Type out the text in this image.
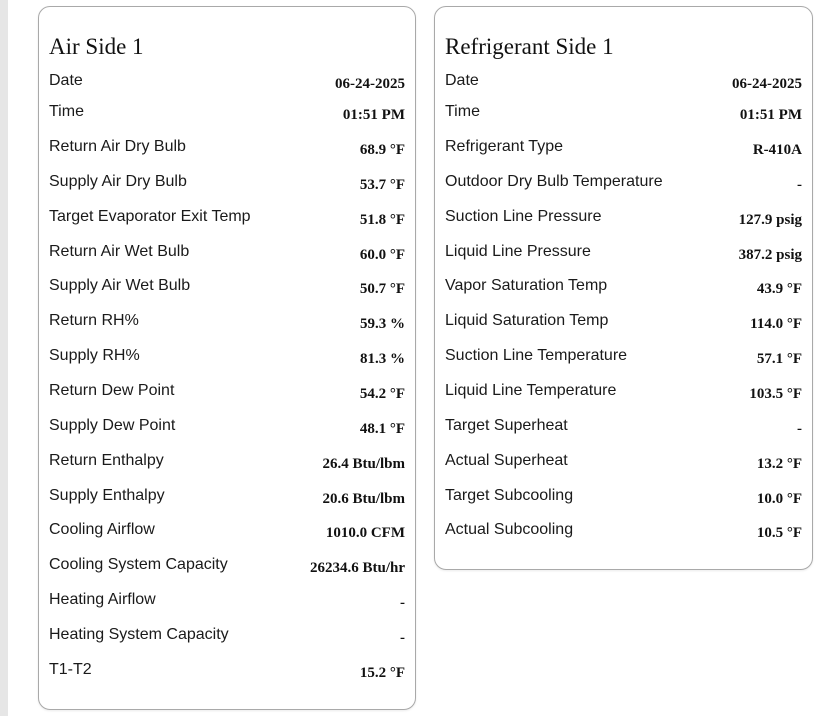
Air Side 1
Date	06-24-2025
Time	01:51 PM
Return Air Dry Bulb	68.9 °F
Supply Air Dry Bulb	53.7 °F
Target Evaporator Exit Temp	51.8 °F
Return Air Wet Bulb	60.0 °F
Supply Air Wet Bulb	50.7 °F
Return RH%	59.3 %
Supply RH%	81.3 %
Return Dew Point	54.2 °F
Supply Dew Point	48.1 °F
Return Enthalpy	26.4 Btu/lbm
Supply Enthalpy	20.6 Btu/lbm
Cooling Airflow	1010.0 CFM
Cooling System Capacity	26234.6 Btu/hr
Heating Airflow	-
Heating System Capacity	-
T1-T2	15.2 °F
Refrigerant Side 1
Date	06-24-2025
Time	01:51 PM
Refrigerant Type	R-410A
Outdoor Dry Bulb Temperature	-
Suction Line Pressure	127.9 psig
Liquid Line Pressure	387.2 psig
Vapor Saturation Temp	43.9 °F
Liquid Saturation Temp	114.0 °F
Suction Line Temperature	57.1 °F
Liquid Line Temperature	103.5 °F
Target Superheat	-
Actual Superheat	13.2 °F
Target Subcooling	10.0 °F
Actual Subcooling	10.5 °F
